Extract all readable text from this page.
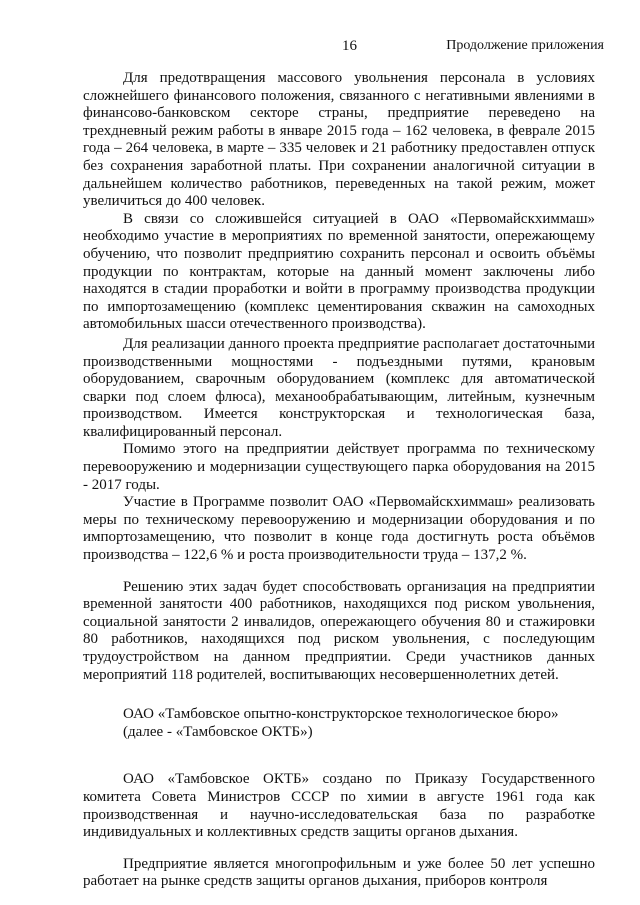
16	Продолжение приложения

Для предотвращения массового увольнения персонала в условиях сложнейшего финансового положения, связанного с негативными явлениями в финансово-банковском секторе страны, предприятие переведено на трехдневный режим работы в январе 2015 года – 162 человека, в феврале 2015 года – 264 человека, в марте – 335 человек и 21 работнику предоставлен отпуск без сохранения заработной платы. При сохранении аналогичной ситуации в дальнейшем количество работников, переведенных на такой режим, может увеличиться до 400 человек.

В связи со сложившейся ситуацией в ОАО «Первомайскхиммаш» необходимо участие в мероприятиях по временной занятости, опережающему обучению, что позволит предприятию сохранить персонал и освоить объёмы продукции по контрактам, которые на данный момент заключены либо находятся в стадии проработки и войти в программу производства продукции по импортозамещению (комплекс цементирования скважин на самоходных автомобильных шасси отечественного производства).

Для реализации данного проекта предприятие располагает достаточными производственными мощностями - подъездными путями, крановым оборудованием, сварочным оборудованием (комплекс для автоматической сварки под слоем флюса), механообрабатывающим, литейным, кузнечным производством. Имеется конструкторская и технологическая база, квалифицированный персонал.

Помимо этого на предприятии действует программа по техническому перевооружению и модернизации существующего парка оборудования на 2015 - 2017 годы.

Участие в Программе позволит ОАО «Первомайскхиммаш» реализовать меры по техническому перевооружению и модернизации оборудования и по импортозамещению, что позволит в конце года достигнуть роста объёмов производства – 122,6 % и роста производительности труда – 137,2 %.

Решению этих задач будет способствовать организация на предприятии временной занятости 400 работников, находящихся под риском увольнения, социальной занятости 2 инвалидов, опережающего обучения 80 и стажировки 80 работников, находящихся под риском увольнения, с последующим трудоустройством на данном предприятии. Среди участников данных мероприятий 118 родителей, воспитывающих несовершеннолетних детей.

ОАО «Тамбовское опытно-конструкторское технологическое бюро»

(далее - «Тамбовское ОКТБ»)

ОАО «Тамбовское ОКТБ» создано по Приказу Государственного комитета Совета Министров СССР по химии в августе 1961 года как производственная и научно-исследовательская база по разработке индивидуальных и коллективных средств защиты органов дыхания.

Предприятие является многопрофильным и уже более 50 лет успешно работает на рынке средств защиты органов дыхания, приборов контроля
